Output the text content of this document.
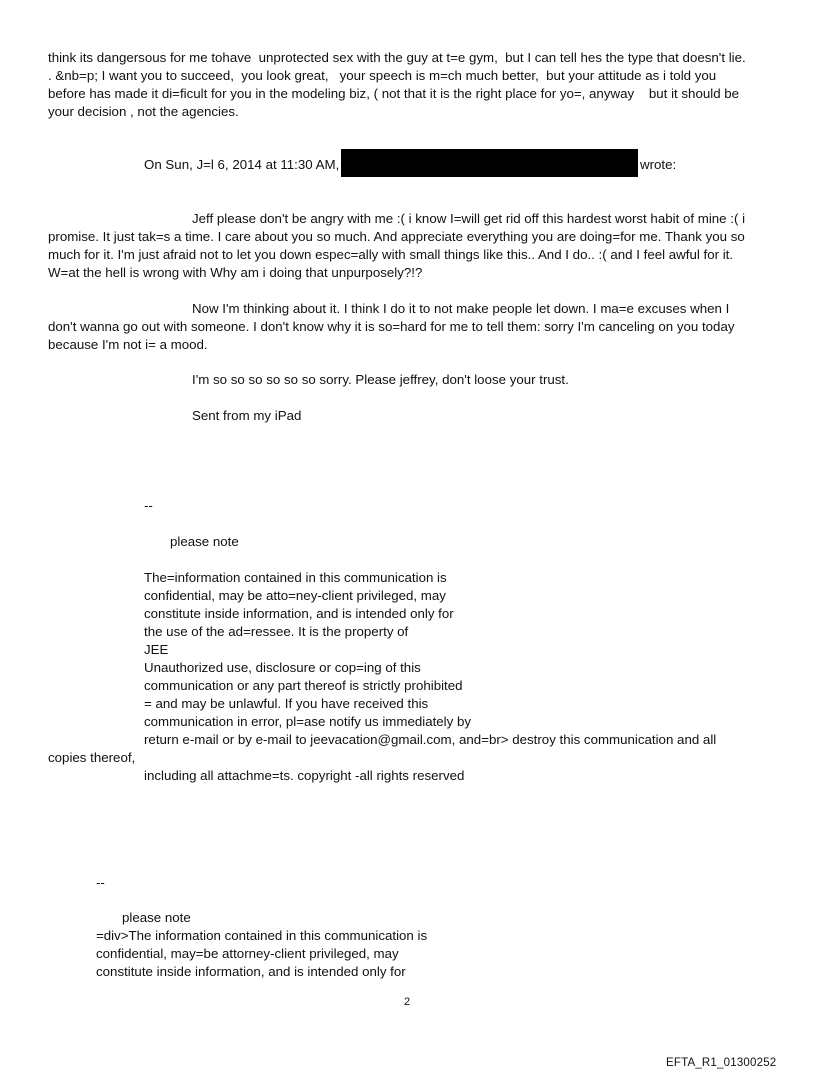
think its dangersous for me tohave  unprotected sex with the guy at t=e gym,  but I can tell hes the type that doesn't lie.
. &nb=p; I want you to succeed,  you look great,   your speech is m=ch much better,  but your attitude as i told you
before has made it di=ficult for you in the modeling biz, ( not that it is the right place for yo=, anyway    but it should be
your decision , not the agencies.
On Sun, J=l 6, 2014 at 11:30 AM,	wrote:
Jeff please don't be angry with me :( i know I=will get rid off this hardest worst habit of mine :( i
promise. It just tak=s a time. I care about you so much. And appreciate everything you are doing=for me. Thank you so
much for it. I'm just afraid not to let you down espec=ally with small things like this.. And I do.. :( and I feel awful for it.
W=at the hell is wrong with Why am i doing that unpurposely?!?
Now I'm thinking about it. I think I do it to not make people let down. I ma=e excuses when I
don't wanna go out with someone. I don't know why it is so=hard for me to tell them: sorry I'm canceling on you today
because I'm not i= a mood.
I'm so so so so so so sorry. Please jeffrey, don't loose your trust.
Sent from my iPad
--
please note
The=information contained in this communication is
confidential, may be atto=ney-client privileged, may
constitute inside information, and is intended only for
the use of the ad=ressee. It is the property of
JEE
Unauthorized use, disclosure or cop=ing of this
communication or any part thereof is strictly prohibited
= and may be unlawful. If you have received this
communication in error, pl=ase notify us immediately by
return e-mail or by e-mail to jeevacation@gmail.com, and=br> destroy this communication and all
copies thereof,
including all attachme=ts. copyright -all rights reserved
--
please note
=div>The information contained in this communication is
confidential, may=be attorney-client privileged, may
constitute inside information, and is intended only for
2
EFTA_R1_01300252
